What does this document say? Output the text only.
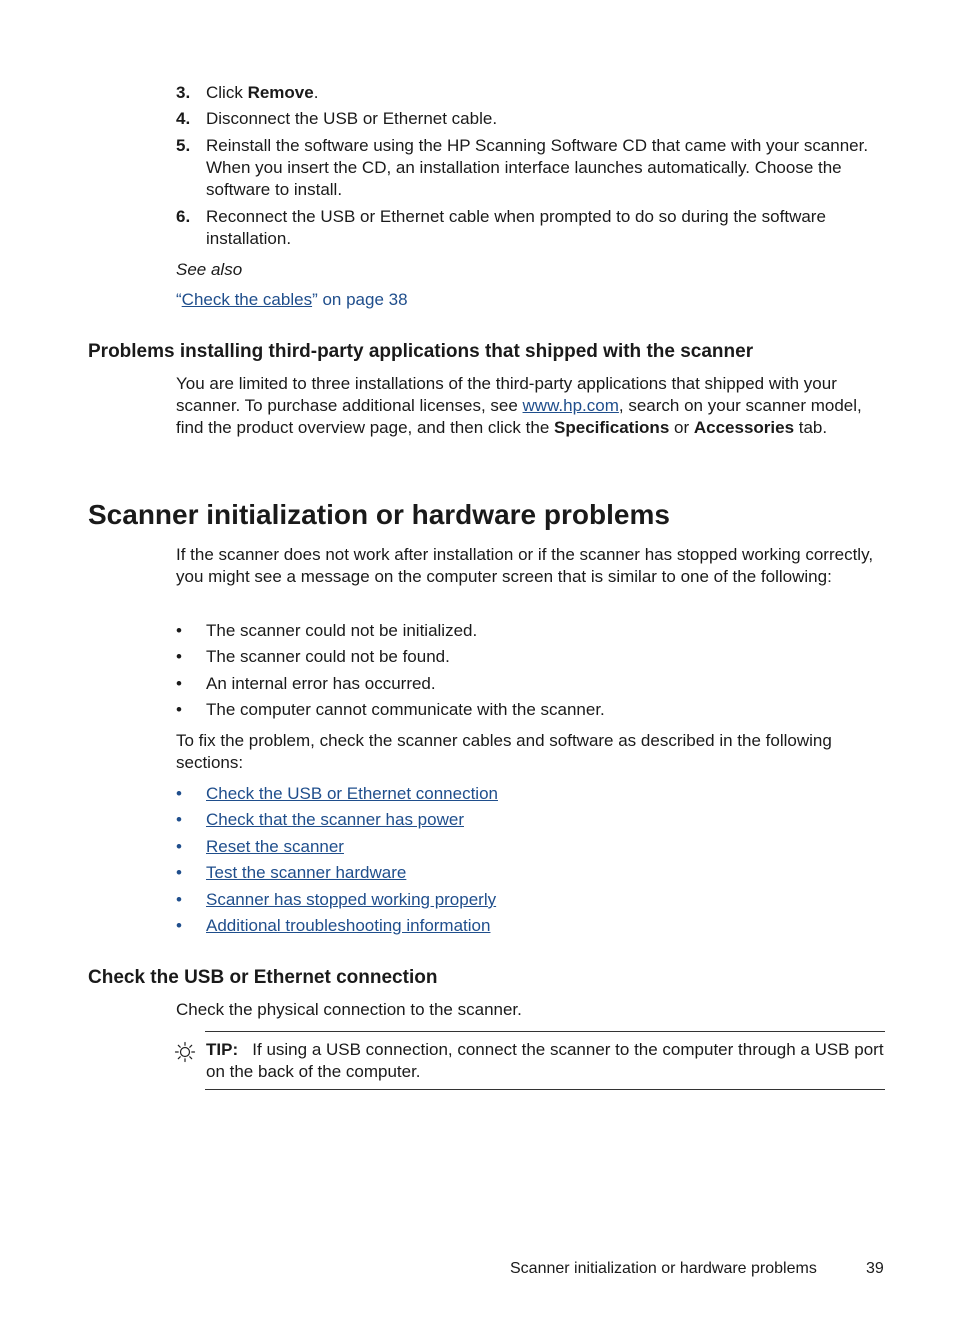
3. Click Remove.
4. Disconnect the USB or Ethernet cable.
5. Reinstall the software using the HP Scanning Software CD that came with your scanner. When you insert the CD, an installation interface launches automatically. Choose the software to install.
6. Reconnect the USB or Ethernet cable when prompted to do so during the software installation.
See also
“Check the cables” on page 38
Problems installing third-party applications that shipped with the scanner
You are limited to three installations of the third-party applications that shipped with your scanner. To purchase additional licenses, see www.hp.com, search on your scanner model, find the product overview page, and then click the Specifications or Accessories tab.
Scanner initialization or hardware problems
If the scanner does not work after installation or if the scanner has stopped working correctly, you might see a message on the computer screen that is similar to one of the following:
• The scanner could not be initialized.
• The scanner could not be found.
• An internal error has occurred.
• The computer cannot communicate with the scanner.
To fix the problem, check the scanner cables and software as described in the following sections:
• Check the USB or Ethernet connection
• Check that the scanner has power
• Reset the scanner
• Test the scanner hardware
• Scanner has stopped working properly
• Additional troubleshooting information
Check the USB or Ethernet connection
Check the physical connection to the scanner.
TIP: If using a USB connection, connect the scanner to the computer through a USB port on the back of the computer.
Scanner initialization or hardware problems	39
